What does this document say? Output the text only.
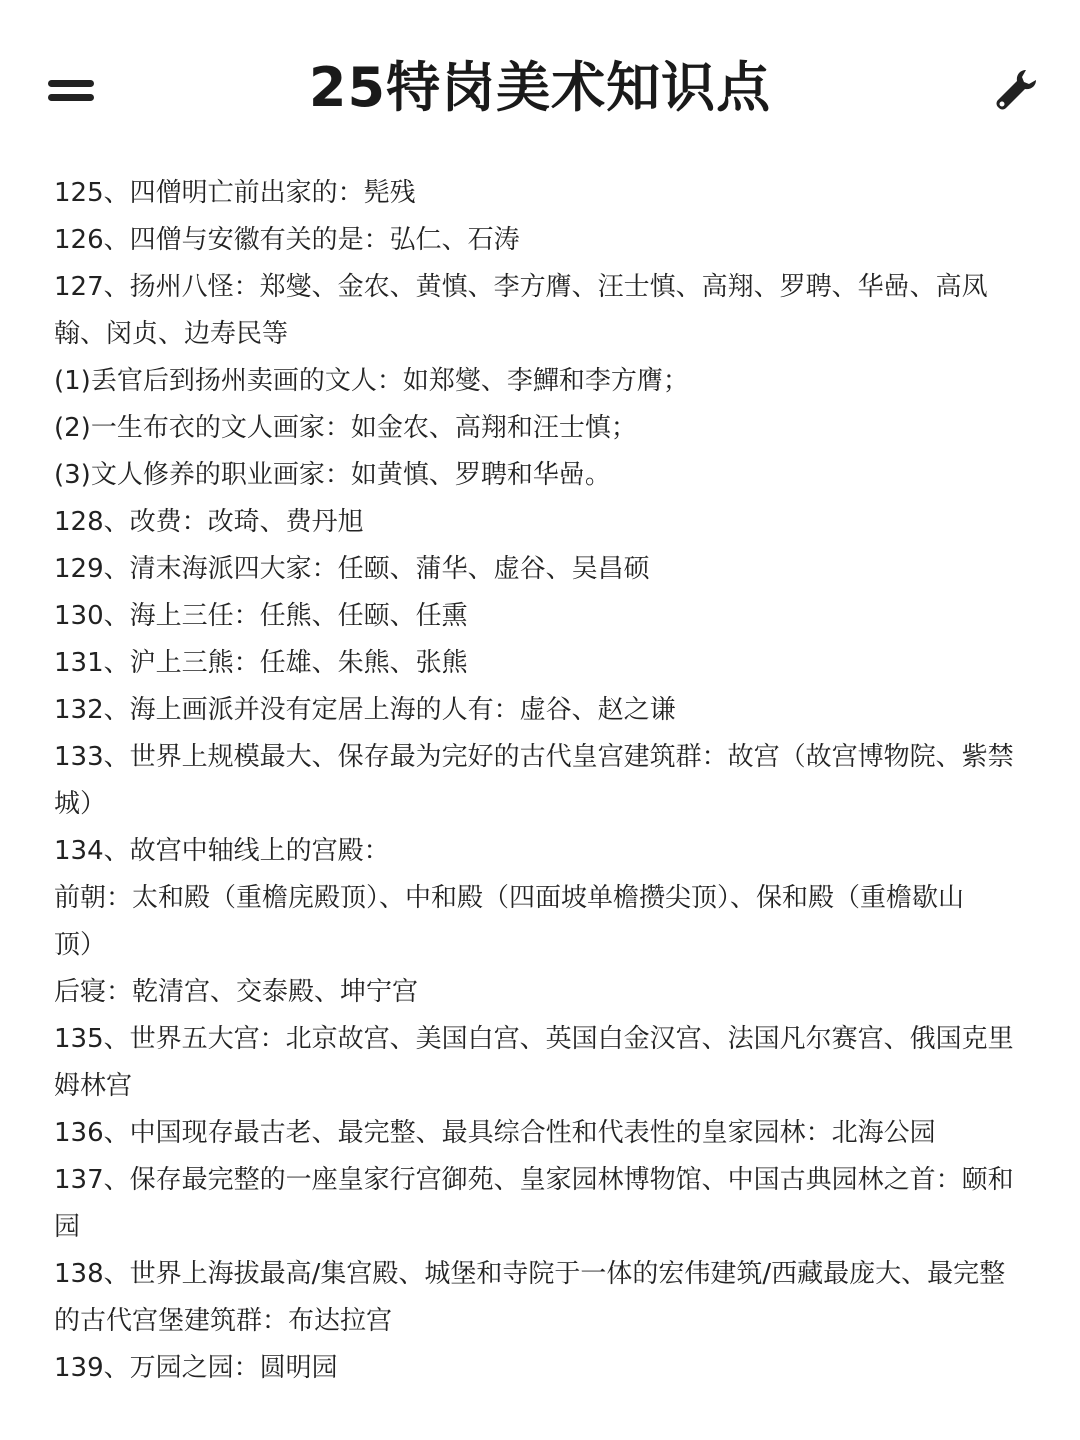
25特岗美术知识点
125、四僧明亡前出家的：髡残
126、四僧与安徽有关的是：弘仁、石涛
127、扬州八怪：郑燮、金农、黄慎、李方膺、汪士慎、高翔、罗聘、华喦、高凤
翰、闵贞、边寿民等
(1)丢官后到扬州卖画的文人：如郑燮、李鱓和李方膺；
(2)一生布衣的文人画家：如金农、高翔和汪士慎；
(3)文人修养的职业画家：如黄慎、罗聘和华喦。
128、改费：改琦、费丹旭
129、清末海派四大家：任颐、蒲华、虚谷、吴昌硕
130、海上三任：任熊、任颐、任熏
131、沪上三熊：任雄、朱熊、张熊
132、海上画派并没有定居上海的人有：虚谷、赵之谦
133、世界上规模最大、保存最为完好的古代皇宫建筑群：故宫（故宫博物院、紫禁
城）
134、故宫中轴线上的宫殿：
前朝：太和殿（重檐庑殿顶）、中和殿（四面坡单檐攒尖顶）、保和殿（重檐歇山
顶）
后寝：乾清宫、交泰殿、坤宁宫
135、世界五大宫：北京故宫、美国白宫、英国白金汉宫、法国凡尔赛宫、俄国克里
姆林宫
136、中国现存最古老、最完整、最具综合性和代表性的皇家园林：北海公园
137、保存最完整的一座皇家行宫御苑、皇家园林博物馆、中国古典园林之首：颐和
园
138、世界上海拔最高/集宫殿、城堡和寺院于一体的宏伟建筑/西藏最庞大、最完整
的古代宫堡建筑群：布达拉宫
139、万园之园：圆明园
